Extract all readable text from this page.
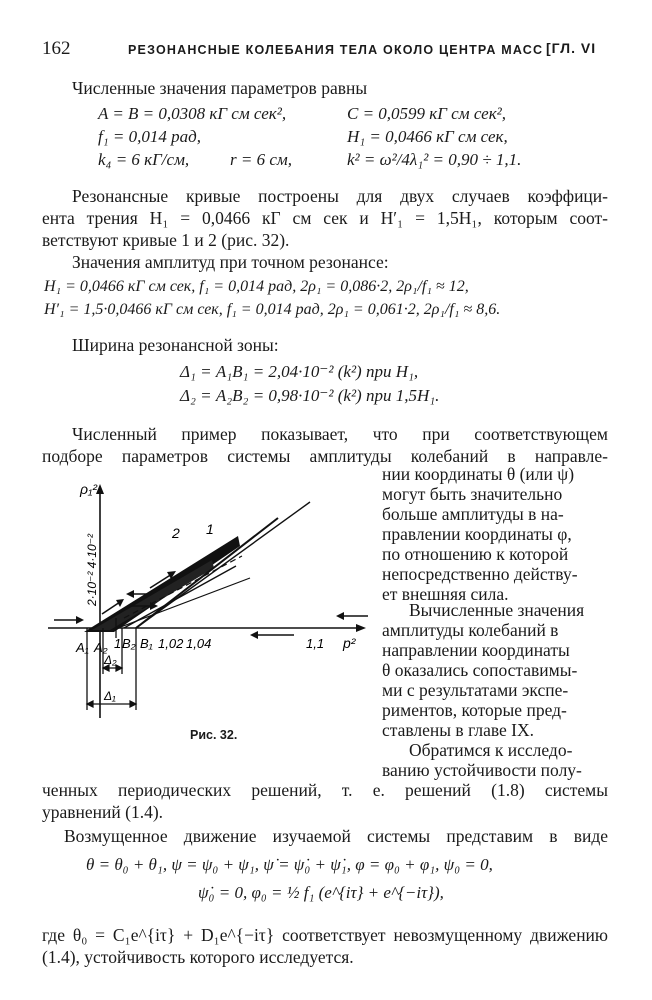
162	РЕЗОНАНСНЫЕ КОЛЕБАНИЯ ТЕЛА ОКОЛО ЦЕНТРА МАСС [ГЛ. VI
Численные значения параметров равны
A = B = 0,0308 кГ см сек²,	C = 0,0599 кГ см сек²,
f₁ = 0,014 рад,	H₁ = 0,0466 кГ см сек,
k₄ = 6 кГ/см, r = 6 см,	k² = ω²/4λ₁² = 0,90 ÷ 1,1.
Резонансные кривые построены для двух случаев коэффици-
ента трения H₁ = 0,0466 кГ см сек и H′₁ = 1,5H₁, которым соот-
ветствуют кривые 1 и 2 (рис. 32).
Значения амплитуд при точном резонансе:
H₁ = 0,0466 кГ см сек, f₁ = 0,014 рад, 2ρ₁ = 0,086·2, 2ρ₁/f₁ ≈ 12,
H′₁ = 1,5·0,0466 кГ см сек, f₁ = 0,014 рад, 2ρ₁ = 0,061·2, 2ρ₁/f₁ ≈ 8,6.
Ширина резонансной зоны:
Δ₁ = A₁B₁ = 2,04·10⁻² (k²) при H₁,
Δ₂ = A₂B₂ = 0,98·10⁻² (k²) при 1,5H₁.
Численный пример показывает, что при соответствующем
подборе параметров системы амплитуды колебаний в направле-
нии координаты θ (или ψ)
могут быть значительно
больше амплитуды в на-
правлении координаты φ,
по отношению к которой
непосредственно действу-
ет внешняя сила.
Вычисленные значения
амплитуды колебаний в
направлении координаты
θ оказались сопоставимы-
ми с результатами экспе-
риментов, которые пред-
ставлены в главе IX.
Обратимся к исследо-
ванию устойчивости полу-
ченных периодических решений, т. е. решений (1.8) системы
уравнений (1.4).
Возмущенное движение изучаемой системы представим в виде
θ = θ₀ + θ₁, ψ = ψ₀ + ψ₁, ψ̇ = ψ̇₀ + ψ̇₁, φ = φ₀ + φ₁, ψ₀ = 0,
ψ̇₀ = 0, φ₀ = ½ f₁ (e^{iτ} + e^{−iτ}),
где θ₀ = C₁e^{iτ} + D₁e^{−iτ} соответствует невозмущенному движению
(1.4), устойчивость которого исследуется.
ρ₁²
p²
2·10⁻² 4·10⁻²
2 1
A₁ A₂ 1 B₂ B₁ 1,02 1,04	1,1
Δ₂
Δ₁
Рис. 32.
